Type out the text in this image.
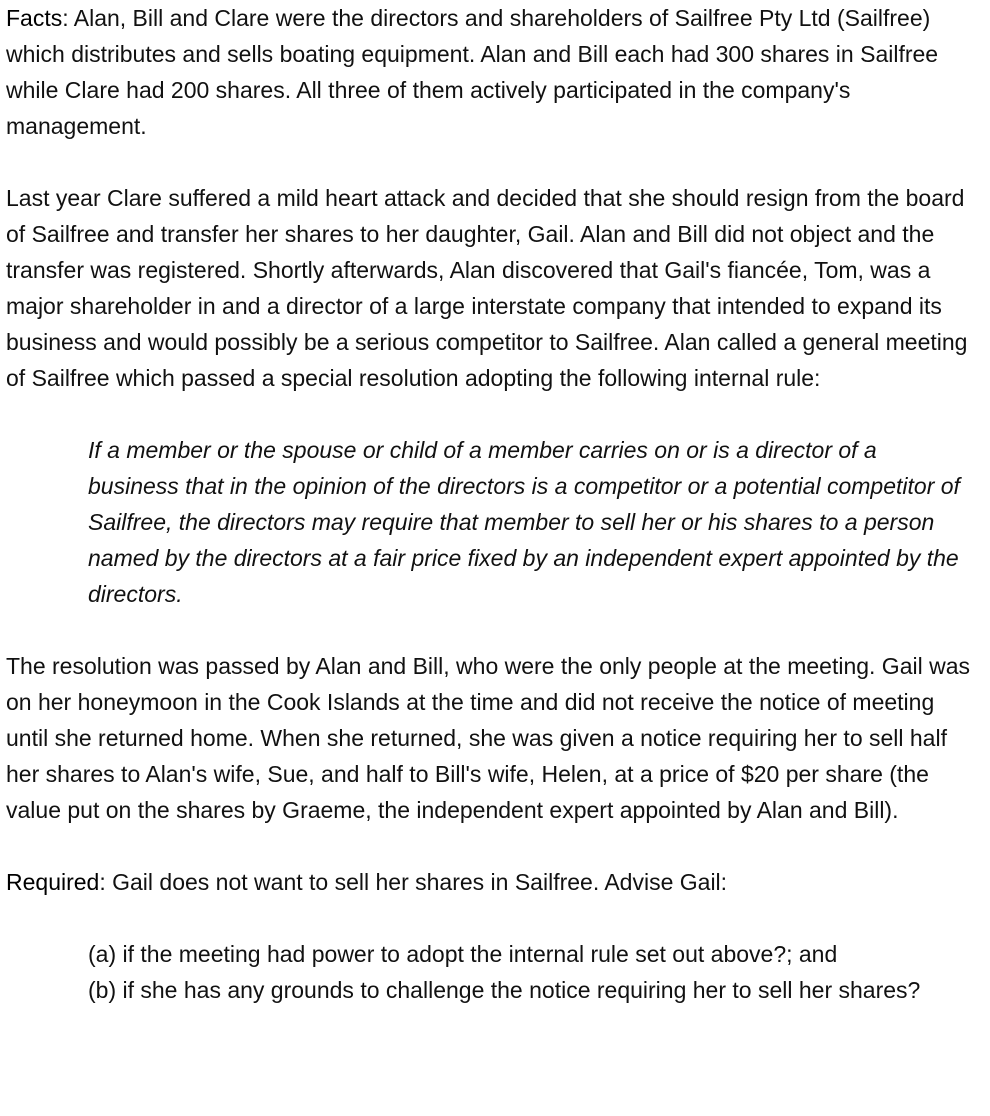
Facts: Alan, Bill and Clare were the directors and shareholders of Sailfree Pty Ltd (Sailfree) which distributes and sells boating equipment. Alan and Bill each had 300 shares in Sailfree while Clare had 200 shares. All three of them actively participated in the company's management.

Last year Clare suffered a mild heart attack and decided that she should resign from the board of Sailfree and transfer her shares to her daughter, Gail. Alan and Bill did not object and the transfer was registered. Shortly afterwards, Alan discovered that Gail's fiancée, Tom, was a major shareholder in and a director of a large interstate company that intended to expand its business and would possibly be a serious competitor to Sailfree. Alan called a general meeting of Sailfree which passed a special resolution adopting the following internal rule:

If a member or the spouse or child of a member carries on or is a director of a business that in the opinion of the directors is a competitor or a potential competitor of Sailfree, the directors may require that member to sell her or his shares to a person named by the directors at a fair price fixed by an independent expert appointed by the directors.

The resolution was passed by Alan and Bill, who were the only people at the meeting. Gail was on her honeymoon in the Cook Islands at the time and did not receive the notice of meeting until she returned home. When she returned, she was given a notice requiring her to sell half her shares to Alan's wife, Sue, and half to Bill's wife, Helen, at a price of $20 per share (the value put on the shares by Graeme, the independent expert appointed by Alan and Bill).

Required: Gail does not want to sell her shares in Sailfree. Advise Gail:

(a) if the meeting had power to adopt the internal rule set out above?; and

(b) if she has any grounds to challenge the notice requiring her to sell her shares?
